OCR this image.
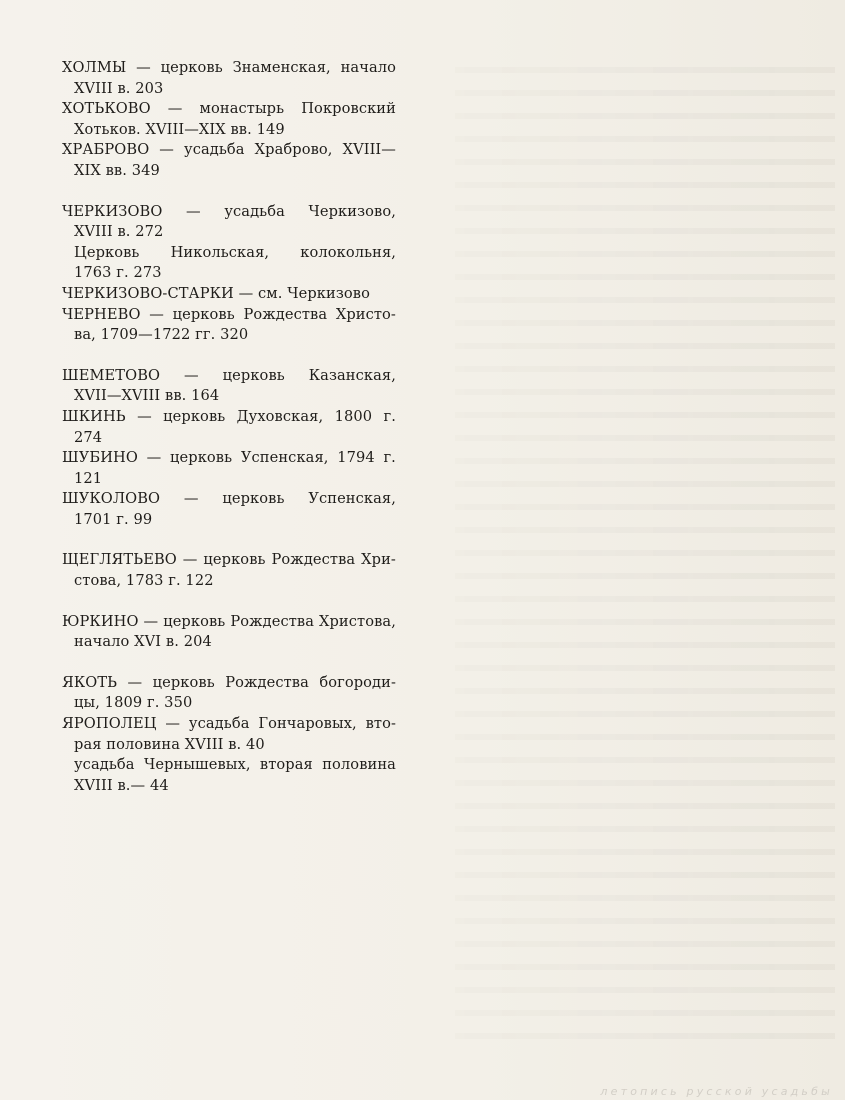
ХОЛМЫ — церковь Знаменская, начало
XVIII в. 203
ХОТЬКОВО — монастырь Покровский
Хотьков. XVIII—XIX вв. 149
ХРАБРОВО — усадьба Храброво, XVIII—
XIX вв. 349
ЧЕРКИЗОВО — усадьба Черкизово,
XVIII в. 272
Церковь Никольская, колокольня,
1763 г. 273
ЧЕРКИЗОВО-СТАРКИ — см. Черкизово
ЧЕРНЕВО — церковь Рождества Христо-
ва, 1709—1722 гг. 320
ШЕМЕТОВО — церковь Казанская,
XVII—XVIII вв. 164
ШКИНЬ — церковь Духовская, 1800 г.
274
ШУБИНО — церковь Успенская, 1794 г.
121
ШУКОЛОВО — церковь Успенская,
1701 г. 99
ЩЕГЛЯТЬЕВО — церковь Рождества Хри-
стова, 1783 г. 122
ЮРКИНО — церковь Рождества Христова,
начало XVI в. 204
ЯКОТЬ — церковь Рождества богороди-
цы, 1809 г. 350
ЯРОПОЛЕЦ — усадьба Гончаровых, вто-
рая половина XVIII в. 40
усадьба Чернышевых, вторая половина
XVIII в.— 44
летопись русской усадьбы
